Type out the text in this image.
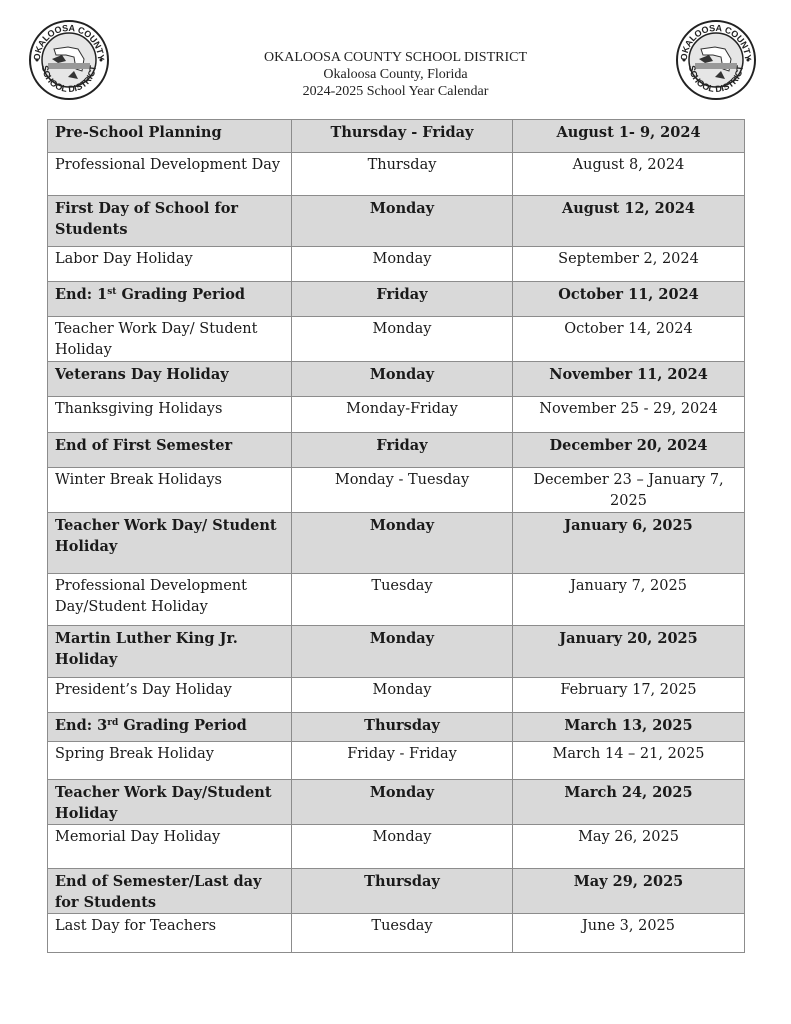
OKALOOSA COUNTY
SCHOOL DISTRICT
OKALOOSA COUNTY SCHOOL DISTRICT
Okaloosa County, Florida
2024-2025 School Year Calendar
OKALOOSA COUNTY
SCHOOL DISTRICT
Pre-School Planning	Thursday - Friday	August 1- 9, 2024
Professional Development Day	Thursday	August 8, 2024
First Day of School for Students	Monday	August 12, 2024
Labor Day Holiday	Monday	September 2, 2024
End: 1st Grading Period	Friday	October 11, 2024
Teacher Work Day/ Student Holiday	Monday	October 14, 2024
Veterans Day Holiday	Monday	November 11, 2024
Thanksgiving Holidays	Monday-Friday	November 25 - 29, 2024
End of First Semester	Friday	December 20, 2024
Winter Break Holidays	Monday - Tuesday	December 23 – January 7, 2025
Teacher Work Day/ Student Holiday	Monday	January 6, 2025
Professional Development Day/Student Holiday	Tuesday	January 7, 2025
Martin Luther King Jr. Holiday	Monday	January 20, 2025
President’s Day Holiday	Monday	February 17, 2025
End: 3rd Grading Period	Thursday	March 13, 2025
Spring Break Holiday	Friday - Friday	March 14 – 21, 2025
Teacher Work Day/Student Holiday	Monday	March 24, 2025
Memorial Day Holiday	Monday	May 26, 2025
End of Semester/Last day for Students	Thursday	May 29, 2025
Last Day for Teachers	Tuesday	June 3, 2025
